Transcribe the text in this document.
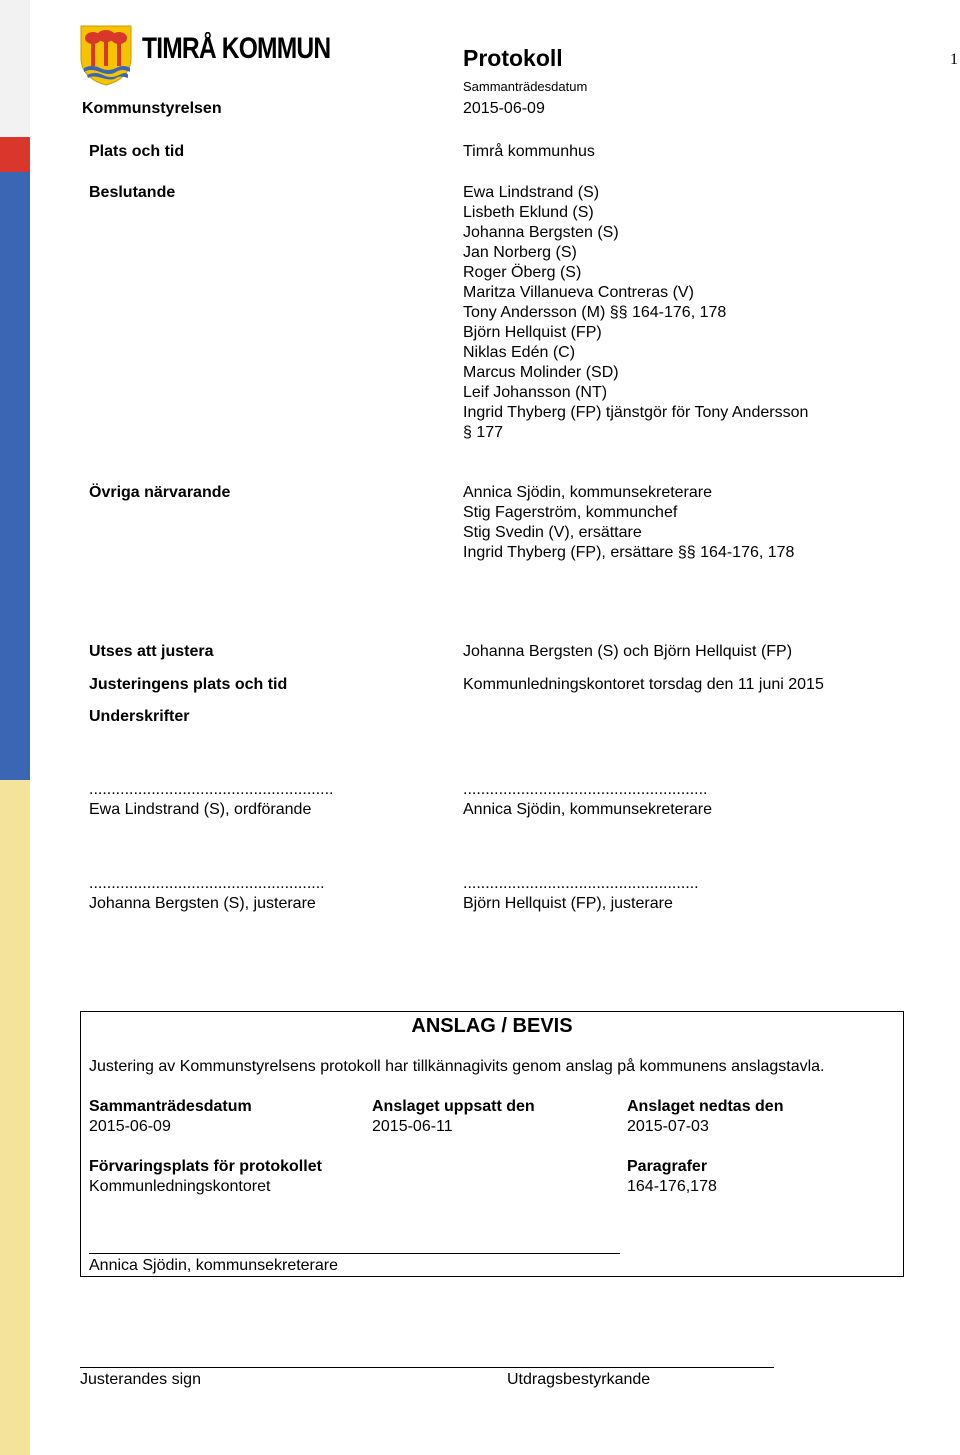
TIMRÅ KOMMUN	Protokoll	1
Sammanträdesdatum
2015-06-09
Kommunstyrelsen
Plats och tid	Timrå kommunhus
Beslutande	Ewa Lindstrand (S)
Lisbeth Eklund (S)
Johanna Bergsten (S)
Jan Norberg (S)
Roger Öberg (S)
Maritza Villanueva Contreras (V)
Tony Andersson (M) §§ 164-176, 178
Björn Hellquist (FP)
Niklas Edén (C)
Marcus Molinder (SD)
Leif Johansson (NT)
Ingrid Thyberg (FP) tjänstgör för Tony Andersson
§ 177
Övriga närvarande	Annica Sjödin, kommunsekreterare
Stig Fagerström, kommunchef
Stig Svedin (V), ersättare
Ingrid Thyberg (FP), ersättare §§ 164-176, 178
Utses att justera	Johanna Bergsten (S) och Björn Hellquist (FP)
Justeringens plats och tid	Kommunledningskontoret torsdag den 11 juni 2015
Underskrifter
.......................................................
Ewa Lindstrand (S), ordförande
.......................................................
Annica Sjödin, kommunsekreterare
.....................................................
Johanna Bergsten (S), justerare
.....................................................
Björn Hellquist (FP), justerare
ANSLAG / BEVIS
Justering av Kommunstyrelsens protokoll har tillkännagivits genom anslag på kommunens anslagstavla.
Sammanträdesdatum
2015-06-09
Anslaget uppsatt den
2015-06-11
Anslaget nedtas den
2015-07-03
Förvaringsplats för protokollet
Kommunledningskontoret
Paragrafer
164-176,178
Annica Sjödin, kommunsekreterare
Justerandes sign	Utdragsbestyrkande
